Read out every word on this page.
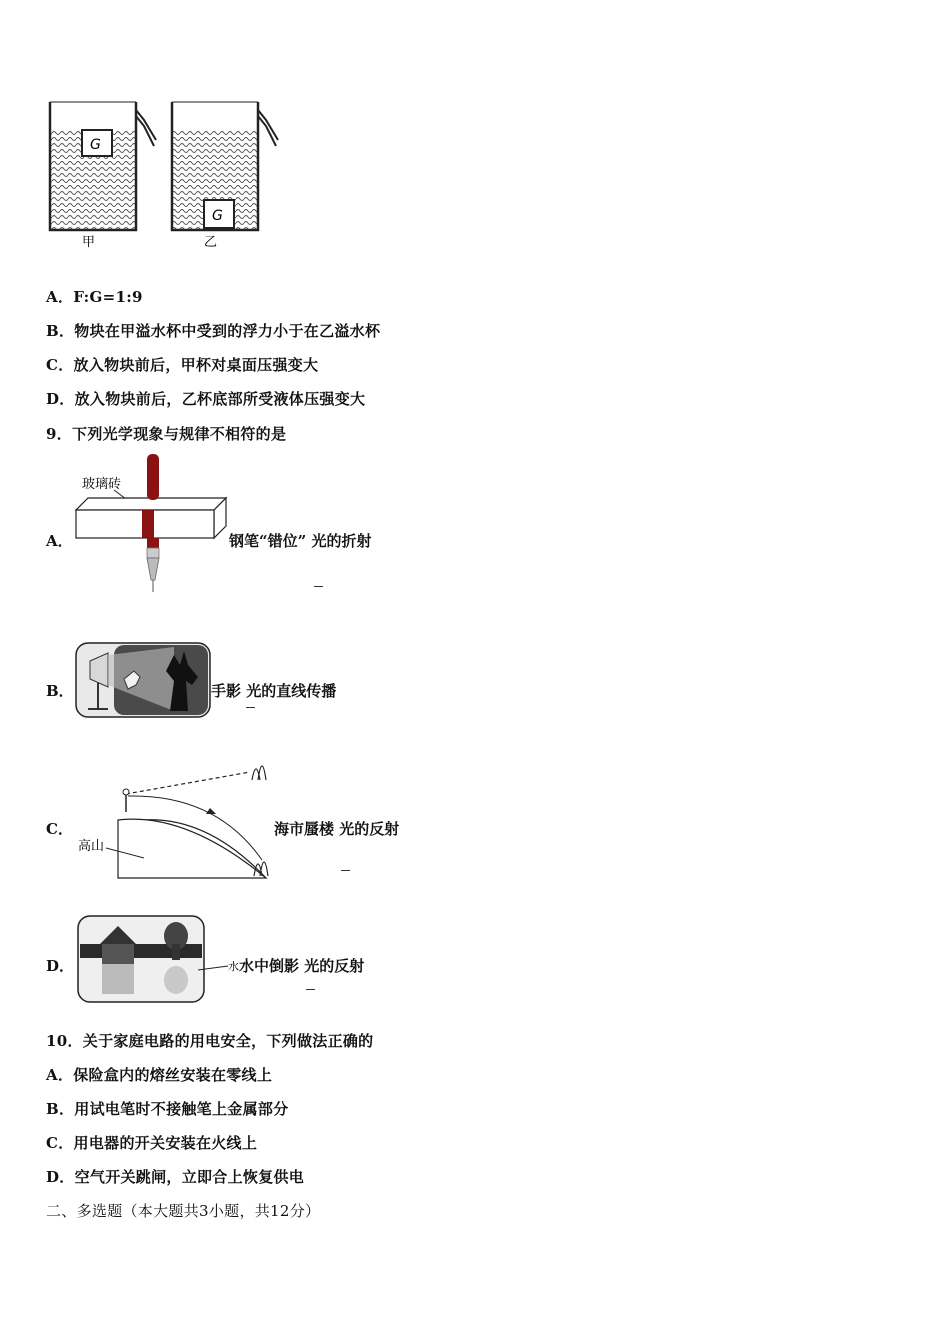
G
甲
G
乙
A．F:G=1:9
B．物块在甲溢水杯中受到的浮力小于在乙溢水杯
C．放入物块前后，甲杯对桌面压强变大
D．放入物块前后，乙杯底部所受液体压强变大
9．下列光学现象与规律不相符的是
A．
玻璃砖
钢笔“错位” 光的折射
B．	手影 光的直线传播
C．
高山
海市蜃楼 光的反射
D．	水 水中倒影 光的反射
10．关于家庭电路的用电安全，下列做法正确的
A．保险盒内的熔丝安装在零线上
B．用试电笔时不接触笔上金属部分
C．用电器的开关安装在火线上
D．空气开关跳闸，立即合上恢复供电
二、多选题（本大题共3小题，共12分）
